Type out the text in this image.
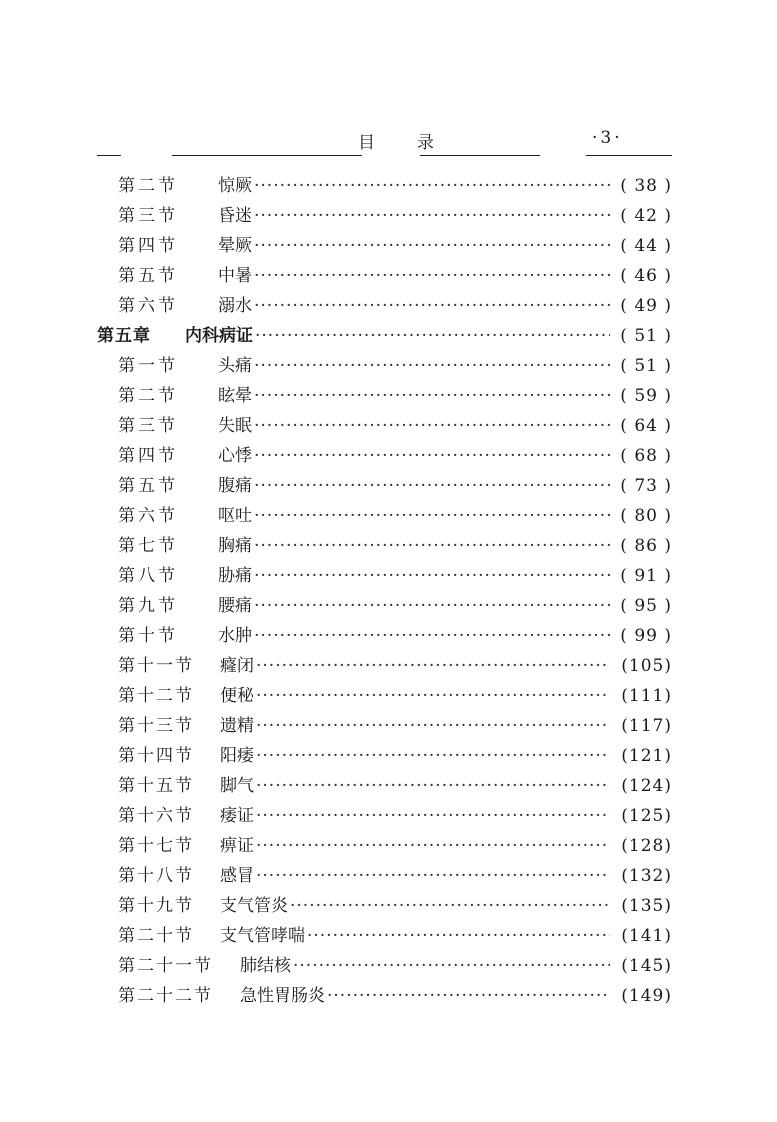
目录	·3·
第二节	惊厥 ·····	( 38 )
第三节	昏迷 ·····	( 42 )
第四节	晕厥 ·····	( 44 )
第五节	中暑 ·····	( 46 )
第六节	溺水 ·····	( 49 )
第五章	内科病证 ·····	( 51 )
第一节	头痛 ·····	( 51 )
第二节	眩晕 ·····	( 59 )
第三节	失眠 ·····	( 64 )
第四节	心悸 ·····	( 68 )
第五节	腹痛 ·····	( 73 )
第六节	呕吐 ·····	( 80 )
第七节	胸痛 ·····	( 86 )
第八节	胁痛 ·····	( 91 )
第九节	腰痛 ·····	( 95 )
第十节	水肿 ·····	( 99 )
第十一节	癃闭 ·····	(105)
第十二节	便秘 ·····	(111)
第十三节	遗精 ·····	(117)
第十四节	阳痿 ·····	(121)
第十五节	脚气 ·····	(124)
第十六节	痿证 ·····	(125)
第十七节	痹证 ·····	(128)
第十八节	感冒 ·····	(132)
第十九节	支气管炎 ·····	(135)
第二十节	支气管哮喘 ·····	(141)
第二十一节	肺结核 ·····	(145)
第二十二节	急性胃肠炎 ·····	(149)
